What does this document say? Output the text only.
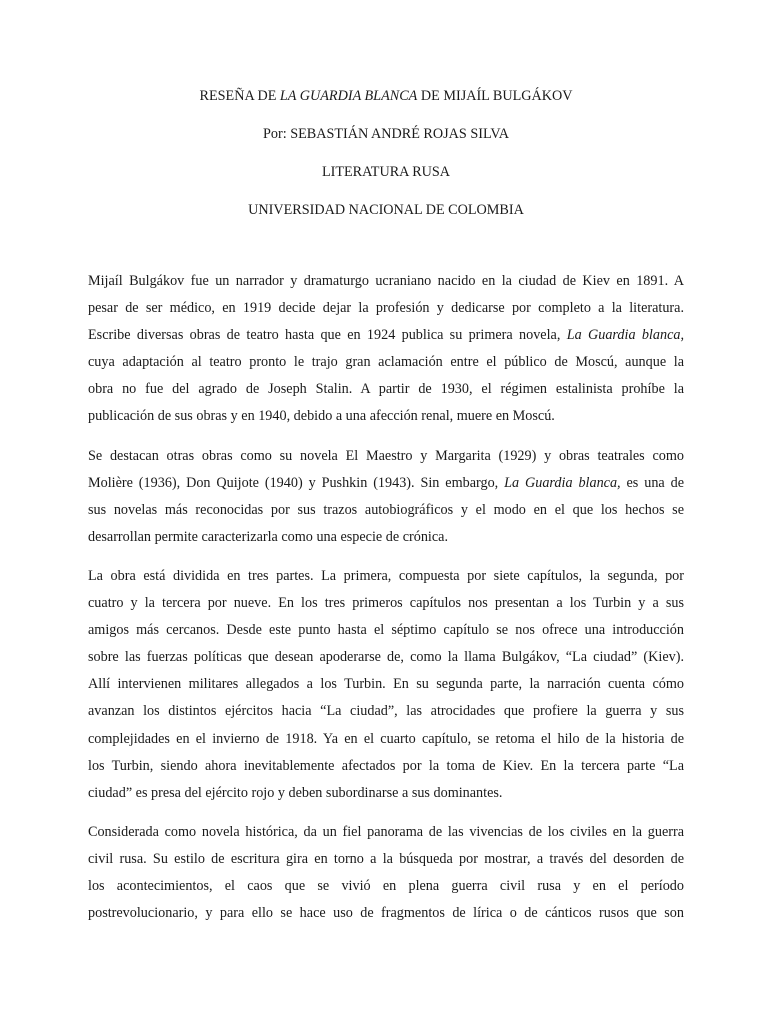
RESEÑA DE LA GUARDIA BLANCA DE MIJAÍL BULGÁKOV

Por: SEBASTIÁN ANDRÉ ROJAS SILVA

LITERATURA RUSA

UNIVERSIDAD NACIONAL DE COLOMBIA

Mijaíl Bulgákov fue un narrador y dramaturgo ucraniano nacido en la ciudad de Kiev en 1891. A
pesar de ser médico, en 1919 decide dejar la profesión y dedicarse por completo a la literatura.
Escribe diversas obras de teatro hasta que en 1924 publica su primera novela, La Guardia blanca,
cuya adaptación al teatro pronto le trajo gran aclamación entre el público de Moscú, aunque la
obra no fue del agrado de Joseph Stalin. A partir de 1930, el régimen estalinista prohíbe la
publicación de sus obras y en 1940, debido a una afección renal, muere en Moscú.

Se destacan otras obras como su novela El Maestro y Margarita (1929) y obras teatrales como
Molière (1936), Don Quijote (1940) y Pushkin (1943). Sin embargo, La Guardia blanca, es una de
sus novelas más reconocidas por sus trazos autobiográficos y el modo en el que los hechos se
desarrollan permite caracterizarla como una especie de crónica.

La obra está dividida en tres partes. La primera, compuesta por siete capítulos, la segunda, por
cuatro y la tercera por nueve. En los tres primeros capítulos nos presentan a los Turbin y a sus
amigos más cercanos. Desde este punto hasta el séptimo capítulo se nos ofrece una introducción
sobre las fuerzas políticas que desean apoderarse de, como la llama Bulgákov, “La ciudad” (Kiev).
Allí intervienen militares allegados a los Turbin. En su segunda parte, la narración cuenta cómo
avanzan los distintos ejércitos hacia “La ciudad”, las atrocidades que profiere la guerra y sus
complejidades en el invierno de 1918. Ya en el cuarto capítulo, se retoma el hilo de la historia de
los Turbin, siendo ahora inevitablemente afectados por la toma de Kiev. En la tercera parte “La
ciudad” es presa del ejército rojo y deben subordinarse a sus dominantes.

Considerada como novela histórica, da un fiel panorama de las vivencias de los civiles en la guerra
civil rusa. Su estilo de escritura gira en torno a la búsqueda por mostrar, a través del desorden de
los acontecimientos, el caos que se vivió en plena guerra civil rusa y en el período
postrevolucionario, y para ello se hace uso de fragmentos de lírica o de cánticos rusos que son
